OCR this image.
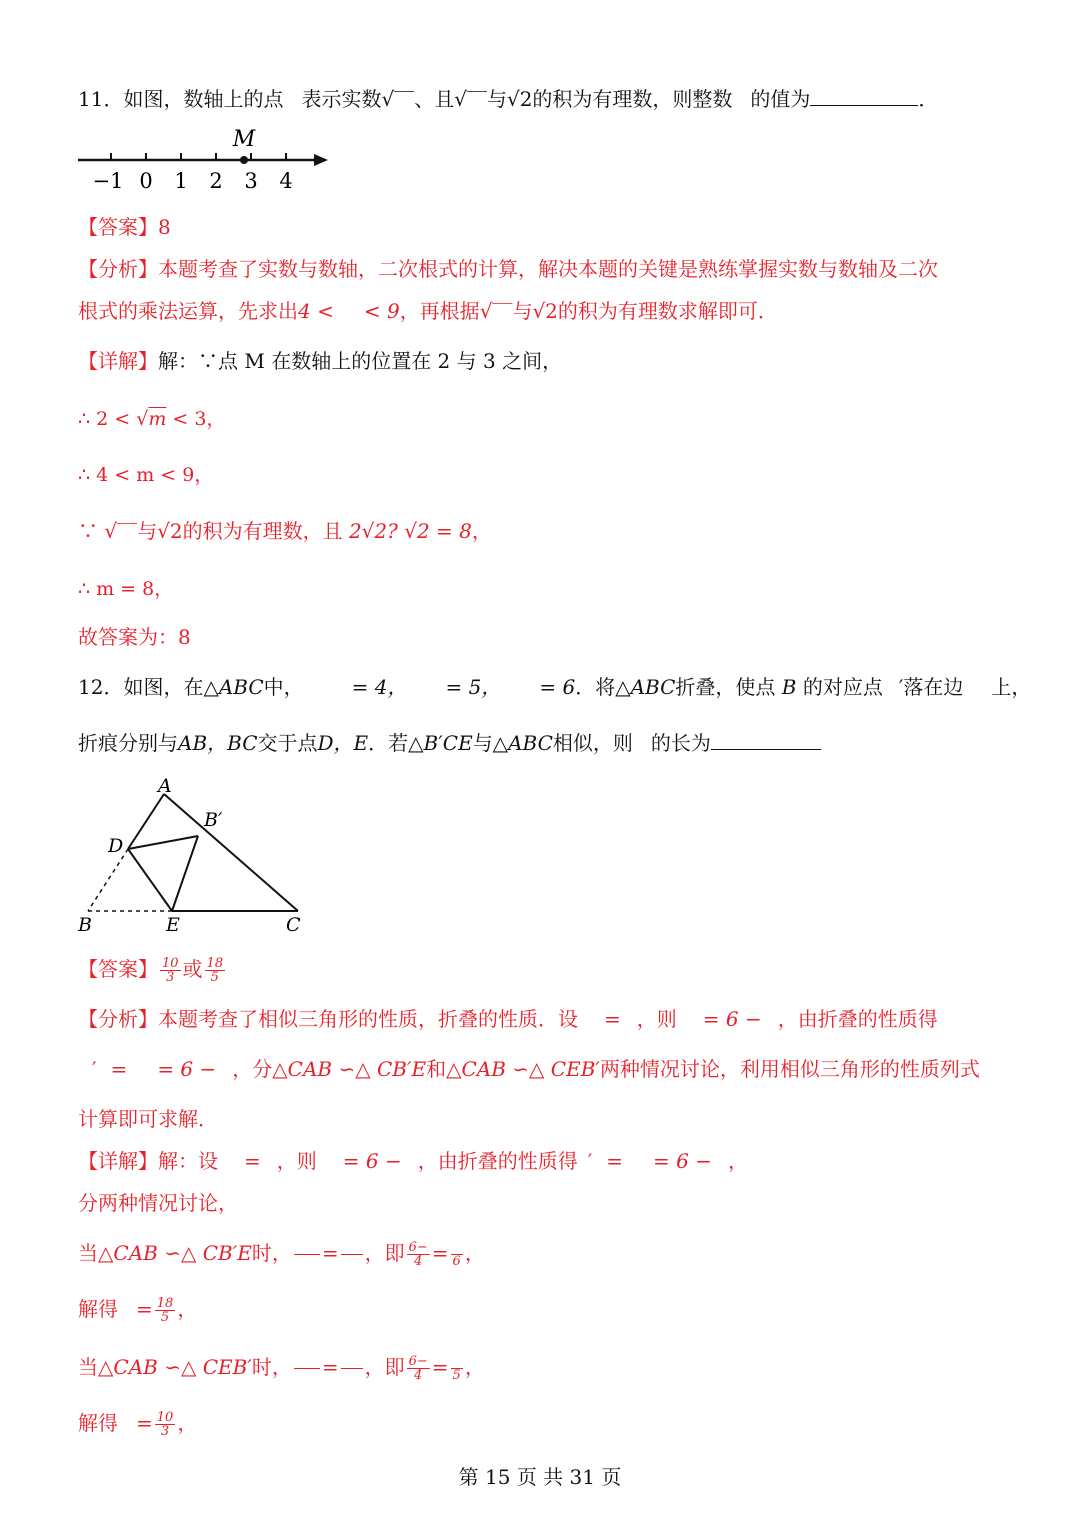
11．如图，数轴上的点 表示实数√‾‾、且√‾‾与√2的积为有理数，则整数 的值为	．
M
−1 0 1 2 3 4
【答案】8
【分析】本题考查了实数与数轴，二次根式的计算，解决本题的关键是熟练掌握实数与数轴及二次
根式的乘法运算，先求出4 < < 9，再根据√‾‾与√2的积为有理数求解即可．
【详解】解：∵点 M 在数轴上的位置在 2 与 3 之间，
∴ 2 < √m < 3，
∴ 4 < m < 9，
∵ √‾‾与√2的积为有理数，且 2√2? √2 = 8，
∴ m = 8，
故答案为：8
12．如图，在△ABC中， = 4， = 5， = 6．将△ABC折叠，使点 B 的对应点 ′落在边 上，
折痕分别与AB，BC交于点D，E．若△B′CE与△ABC相似，则 的长为
A
B′
D
B	E	C
【答案】 $\frac{10}{3}$ 或 $\frac{18}{5}$
【分析】本题考查了相似三角形的性质，折叠的性质．设 = ，则 = 6 − ，由折叠的性质得
′ = = 6 − ，分△CAB ∽△ CB′E和△CAB ∽△ CEB′两种情况讨论，利用相似三角形的性质列式
计算即可求解．
【详解】解：设 = ，则 = 6 − ，由折叠的性质得 ′ = = 6 − ，
分两种情况讨论，
当△CAB ∽△ CB′E时，

=

，即 $\frac{6-}{4}$ =
6 ，
解得 = $\frac{18}{5}$ ，
当△CAB ∽△ CEB′时，

=

，即 $\frac{6-}{4}$ =
5 ，
解得 = $\frac{10}{3}$ ，
第 15 页 共 31 页
